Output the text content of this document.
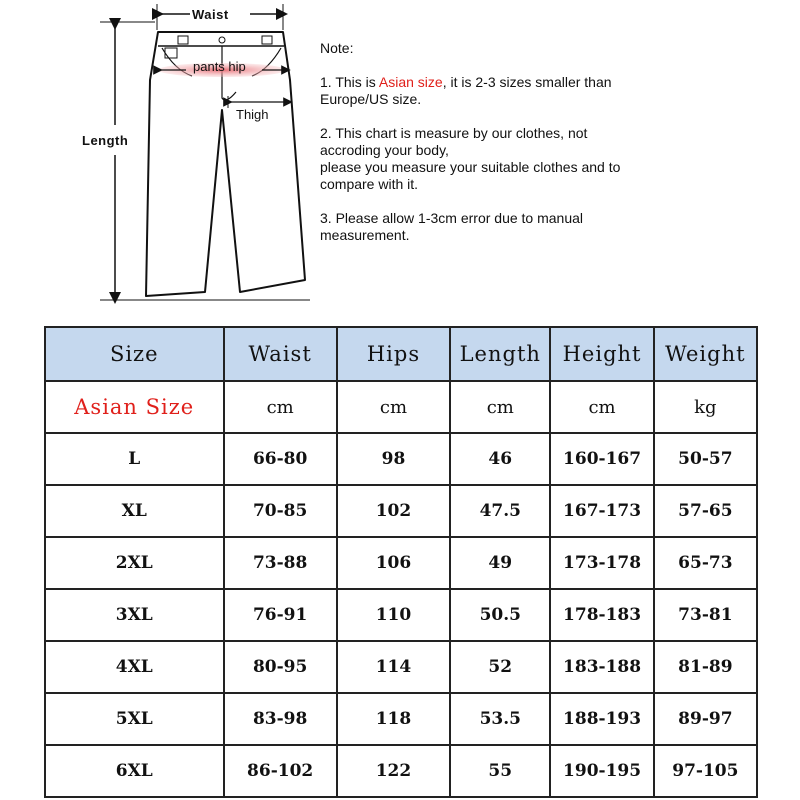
Waist
Length
pants hip
Thigh

Note:

1. This is Asian size, it is 2-3 sizes smaller than
Europe/US size.

2. This chart is measure by our clothes, not
accroding your body,
please you measure your suitable clothes and to
compare with it.

3. Please allow 1-3cm error due to manual
measurement.

Size	Waist	Hips	Length	Height	Weight
Asian Size	cm	cm	cm	cm	kg
L	66-80	98	46	160-167	50-57
XL	70-85	102	47.5	167-173	57-65
2XL	73-88	106	49	173-178	65-73
3XL	76-91	110	50.5	178-183	73-81
4XL	80-95	114	52	183-188	81-89
5XL	83-98	118	53.5	188-193	89-97
6XL	86-102	122	55	190-195	97-105
